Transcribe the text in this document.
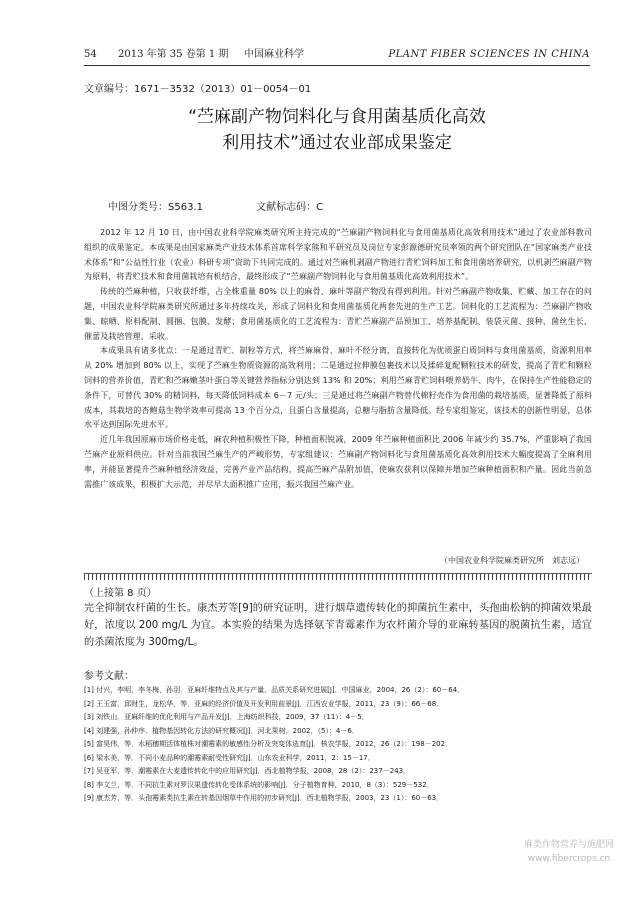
54 2013 年第 35 卷第 1 期 中国麻业科学	PLANT FIBER SCIENCES IN CHINA
文章编号：1671－3532（2013）01－0054－01
“苎麻副产物饲料化与食用菌基质化高效
利用技术”通过农业部成果鉴定
中图分类号：S563.1	文献标志码：C

2012 年 12 月 10 日，由中国农业科学院麻类研究所主持完成的“苎麻副产物饲料化与食用菌基质化高效利用技术”通过了农业部科教司组织的成果鉴定。本成果是由国家麻类产业技术体系首席科学家熊和平研究员及岗位专家彭源德研究员率领的两个研究团队在“国家麻类产业技术体系”和“公益性行业（农业）科研专项”资助下共同完成的。通过对苎麻机剥副产物进行青贮饲料加工和食用菌培养研究，以机剥苎麻副产物为原料，将青贮技术和食用菌栽培有机结合，最终形成了“苎麻副产物饲料化与食用菌基质化高效利用技术”。

传统的苎麻种植，只收获纤维，占全株重量 80% 以上的麻骨、麻叶等副产物没有得到利用。针对苎麻副产物收集、贮藏、加工存在的问题，中国农业科学院麻类研究所通过多年持续攻关，形成了饲料化和食用菌基质化两套先进的生产工艺。饲料化的工艺流程为：苎麻副产物收集、晾晒、原料配制、圆捆、包膜、发酵；食用菌基质化的工艺流程为：青贮苎麻副产品预加工、培养基配制、装袋灭菌、接种、菌丝生长、催蕾及栽培管理、采收。

本成果具有诸多优点：一是通过青贮、制粒等方式，将苎麻麻骨、麻叶不经分离，直接转化为优质蛋白质饲料与食用菌基质，资源利用率从 20% 增加到 80% 以上，实现了苎麻生物质资源的高效利用；二是通过拉伸膜包裹技术以及揉碎复配颗粒技术的研发，提高了青贮和颗粒饲料的营养价值，青贮和苎麻嫩茎叶蛋白等关键营养指标分别达到 13% 和 20%；利用苎麻青贮饲料喂养奶牛、肉牛，在保持生产性能稳定的条件下，可替代 30% 的精饲料，每天降低饲料成本 6－7 元/头；三是通过将苎麻副产物替代棉籽壳作为食用菌的栽培基质，显著降低了原料成本，其栽培的杏鲍菇生物学效率可提高 13 个百分点，且蛋白含量提高，总糖与脂肪含量降低。经专家组鉴定，该技术的创新性明显，总体水平达到国际先进水平。

近几年我国原麻市场价格走低，麻农种植积极性下降，种植面积锐减，2009 年苎麻种植面积比 2006 年减少约 35.7%，严重影响了我国苎麻产业原料供应。针对当前我国苎麻生产的严峻形势，专家组建议：苎麻副产物饲料化与食用菌基质化高效利用技术大幅度提高了全麻利用率，并能显著提升苎麻种植经济效益，完善产业产品结构，提高苎麻产品附加值，使麻农获利以保障并增加苎麻种植面积和产量。因此当前急需推广该成果，积极扩大示范，并尽早大面积推广应用，振兴我国苎麻产业。

（中国农业科学院麻类研究所　刘志远）
（上接第 8 页）

完全抑制农杆菌的生长。康杰芳等[9]的研究证明，进行烟草遗传转化的抑菌抗生素中，头孢曲松钠的抑菌效果最好，浓度以 200 mg/L 为宜。本实验的结果为选择氨苄青霉素作为农杆菌介导的亚麻转基因的脱菌抗生素，适宜的杀菌浓度为 300mg/L。

参考文献：
[1] 付兴，李明，李冬梅，孙羽．亚麻纤维特点及其与产量、品质关系研究进展[J]．中国麻业，2004，26（2）：60－64．
[2] 王玉富，邱财生，龙松华，等．亚麻的经济价值及开发利用前景[J]．江西农业学报，2011，23（9）：66－68．
[3] 刘铁山．亚麻纤维的优化利用与产品开发[J]．上海纺织科技，2009，37（11）：4－5．
[4] 刘建强，孙仲序．植物基因转化方法的研究概况[J]．河北果树，2002，（5）：4－6．
[5] 富昊伟，等．水稻穗期活体植株对潮霉素的敏感性分析及突变体选育[J]．核农学报，2012，26（2）：198－202．
[6] 梁水美，等．不同小麦品种的潮霉素耐受性研究[J]．山东农业科学，2011，2：15－17．
[7] 吴亚军，等．潮霉素在大麦遗传转化中的应用研究[J]．西北植物学报，2008，28（2）：237－243．
[8] 李文兰，等．不同抗生素对罗汉果遗传转化受体系统的影响[J]．分子植物育种，2010，8（3）：529－532．
[9] 康杰芳，等．头孢霉素类抗生素在转基因烟草中作用的初步研究[J]．西北植物学报，2003，23（1）：60－63．
麻类作物营养与施肥网
www.fibercrops.cn
